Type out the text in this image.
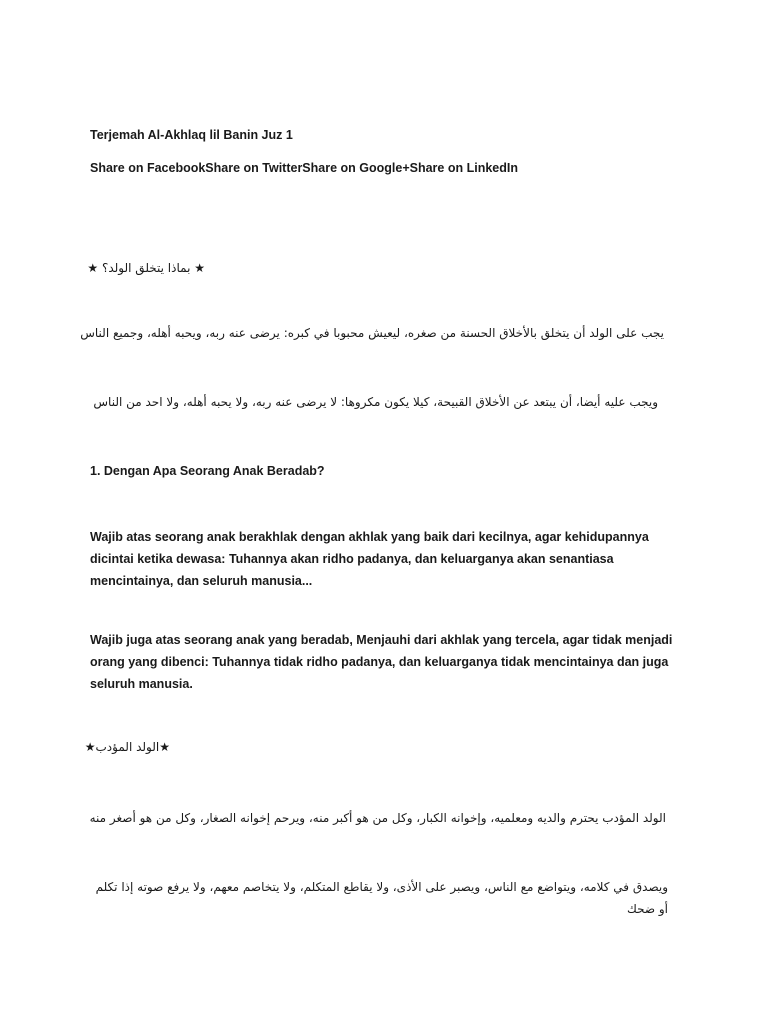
Terjemah Al-Akhlaq lil Banin Juz 1

Share on FacebookShare on TwitterShare on Google+Share on LinkedIn

★ بماذا يتخلق الولد؟ ★

يجب على الولد أن يتخلق بالأخلاق الحسنة من صغره، ليعيش محبوبا في كبره: يرضى عنه ربه، ويحبه أهله، وجميع الناس

ويجب عليه أيضا، أن يبتعد عن الأخلاق القبيحة، كيلا يكون مكروها: لا يرضى عنه ربه، ولا يحبه أهله، ولا احد من الناس

1. Dengan Apa Seorang Anak Beradab?

Wajib atas seorang anak berakhlak dengan akhlak yang baik dari kecilnya, agar kehidupannya dicintai ketika dewasa: Tuhannya akan ridho padanya, dan keluarganya akan senantiasa mencintainya, dan seluruh manusia...

Wajib juga atas seorang anak yang beradab, Menjauhi dari akhlak yang tercela, agar tidak menjadi orang yang dibenci: Tuhannya tidak ridho padanya, dan keluarganya tidak mencintainya dan juga seluruh manusia.

★الولد المؤدب★

الولد المؤدب يحترم والديه ومعلميه، وإخوانه الكبار، وكل من هو أكبر منه، ويرحم إخوانه الصغار، وكل من هو أصغر منه

ويصدق في كلامه، ويتواضع مع الناس، ويصبر على الأذى، ولا يقاطع المتكلم، ولا يتخاصم معهم، ولا يرفع صوته إذا تكلم أو ضحك
